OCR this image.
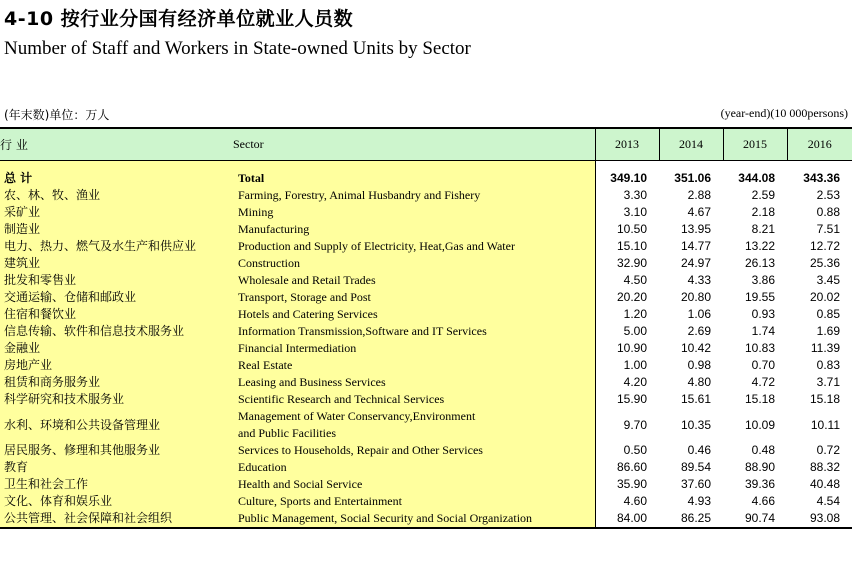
4-10 按行业分国有经济单位就业人员数
Number of Staff and Workers in State-owned Units by Sector
(年末数)单位：万人	(year-end)(10 000persons)
行 业	Sector	2013	2014	2015	2016

总 计	Total	349.10	351.06	344.08	343.36
农、林、牧、渔业	Farming, Forestry, Animal Husbandry and Fishery	3.30	2.88	2.59	2.53
采矿业	Mining	3.10	4.67	2.18	0.88
制造业	Manufacturing	10.50	13.95	8.21	7.51
电力、热力、燃气及水生产和供应业	Production and Supply of Electricity, Heat,Gas and Water	15.10	14.77	13.22	12.72
建筑业	Construction	32.90	24.97	26.13	25.36
批发和零售业	Wholesale and Retail Trades	4.50	4.33	3.86	3.45
交通运输、仓储和邮政业	Transport, Storage and Post	20.20	20.80	19.55	20.02
住宿和餐饮业	Hotels and Catering Services	1.20	1.06	0.93	0.85
信息传输、软件和信息技术服务业	Information Transmission,Software and IT Services	5.00	2.69	1.74	1.69
金融业	Financial Intermediation	10.90	10.42	10.83	11.39
房地产业	Real Estate	1.00	0.98	0.70	0.83
租赁和商务服务业	Leasing and Business Services	4.20	4.80	4.72	3.71
科学研究和技术服务业	Scientific Research and Technical Services	15.90	15.61	15.18	15.18
水利、环境和公共设备管理业	Management of Water Conservancy,Environment
and Public Facilities	9.70	10.35	10.09	10.11
居民服务、修理和其他服务业	Services to Households, Repair and Other Services	0.50	0.46	0.48	0.72
教育	Education	86.60	89.54	88.90	88.32
卫生和社会工作	Health and Social Service	35.90	37.60	39.36	40.48
文化、体育和娱乐业	Culture, Sports and Entertainment	4.60	4.93	4.66	4.54
公共管理、社会保障和社会组织	Public Management, Social Security and Social Organization	84.00	86.25	90.74	93.08
